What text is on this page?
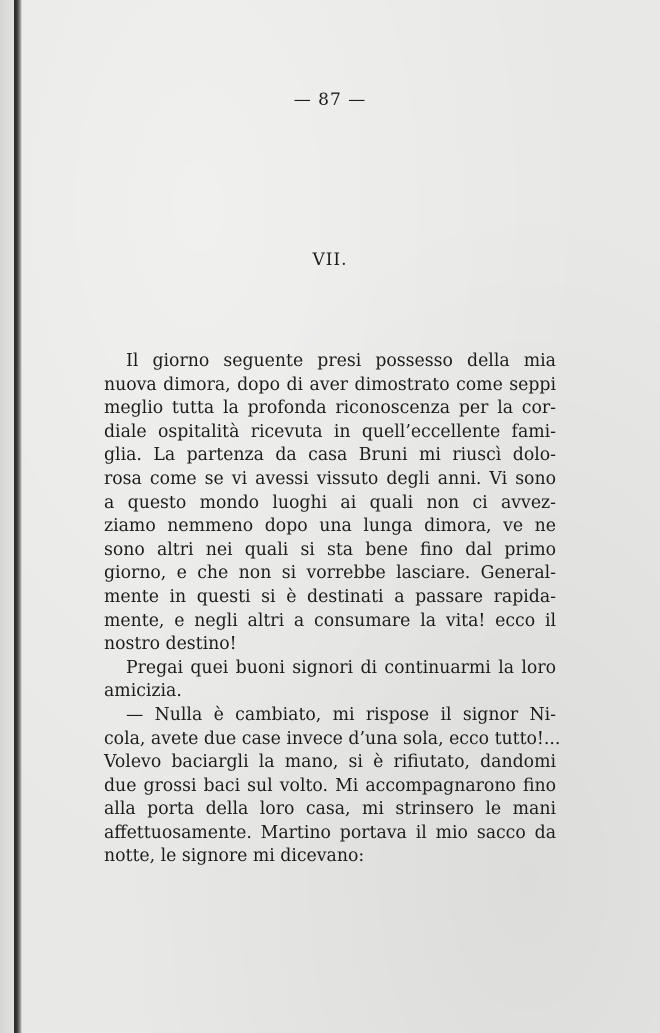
— 87 —
VII.
Il giorno seguente presi possesso della mia
nuova dimora, dopo di aver dimostrato come seppi
meglio tutta la profonda riconoscenza per la cor-
diale ospitalità ricevuta in quell’eccellente fami-
glia. La partenza da casa Bruni mi riuscì dolo-
rosa come se vi avessi vissuto degli anni. Vi sono
a questo mondo luoghi ai quali non ci avvez-
ziamo nemmeno dopo una lunga dimora, ve ne
sono altri nei quali si sta bene fino dal primo
giorno, e che non si vorrebbe lasciare. General-
mente in questi si è destinati a passare rapida-
mente, e negli altri a consumare la vita! ecco il
nostro destino!
Pregai quei buoni signori di continuarmi la loro
amicizia.
— Nulla è cambiato, mi rispose il signor Ni-
cola, avete due case invece d’una sola, ecco tutto!...
Volevo baciargli la mano, si è rifiutato, dandomi
due grossi baci sul volto. Mi accompagnarono fino
alla porta della loro casa, mi strinsero le mani
affettuosamente. Martino portava il mio sacco da
notte, le signore mi dicevano:
